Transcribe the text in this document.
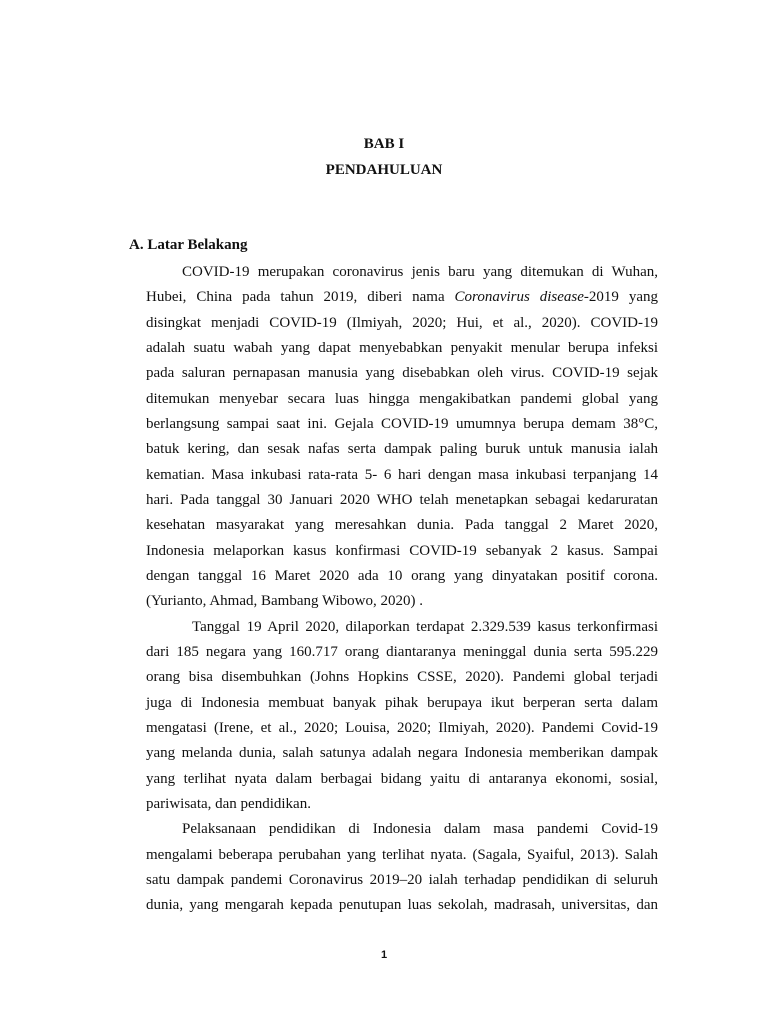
BAB I
PENDAHULUAN
A. Latar Belakang
COVID-19 merupakan coronavirus jenis baru yang ditemukan di Wuhan,
Hubei, China pada tahun 2019, diberi nama Coronavirus disease-2019 yang
disingkat menjadi COVID-19 (Ilmiyah, 2020; Hui, et al., 2020). COVID-19
adalah suatu wabah yang dapat menyebabkan penyakit menular berupa infeksi
pada saluran pernapasan manusia yang disebabkan oleh virus. COVID-19 sejak
ditemukan menyebar secara luas hingga mengakibatkan pandemi global yang
berlangsung sampai saat ini. Gejala COVID-19 umumnya berupa demam 38°C,
batuk kering, dan sesak nafas serta dampak paling buruk untuk manusia ialah
kematian. Masa inkubasi rata-rata 5- 6 hari dengan masa inkubasi terpanjang 14
hari. Pada tanggal 30 Januari 2020 WHO telah menetapkan sebagai kedaruratan
kesehatan masyarakat yang meresahkan dunia. Pada tanggal 2 Maret 2020,
Indonesia melaporkan kasus konfirmasi COVID-19 sebanyak 2 kasus. Sampai
dengan tanggal 16 Maret 2020 ada 10 orang yang dinyatakan positif corona.
(Yurianto, Ahmad, Bambang Wibowo, 2020) .
Tanggal 19 April 2020, dilaporkan terdapat 2.329.539 kasus terkonfirmasi
dari 185 negara yang 160.717 orang diantaranya meninggal dunia serta 595.229
orang bisa disembuhkan (Johns Hopkins CSSE, 2020). Pandemi global terjadi
juga di Indonesia membuat banyak pihak berupaya ikut berperan serta dalam
mengatasi (Irene, et al., 2020; Louisa, 2020; Ilmiyah, 2020). Pandemi Covid-19
yang melanda dunia, salah satunya adalah negara Indonesia memberikan dampak
yang terlihat nyata dalam berbagai bidang yaitu di antaranya ekonomi, sosial,
pariwisata, dan pendidikan.
Pelaksanaan pendidikan di Indonesia dalam masa pandemi Covid-19
mengalami beberapa perubahan yang terlihat nyata. (Sagala, Syaiful, 2013). Salah
satu dampak pandemi Coronavirus 2019–20 ialah terhadap pendidikan di seluruh
dunia, yang mengarah kepada penutupan luas sekolah, madrasah, universitas, dan
1
